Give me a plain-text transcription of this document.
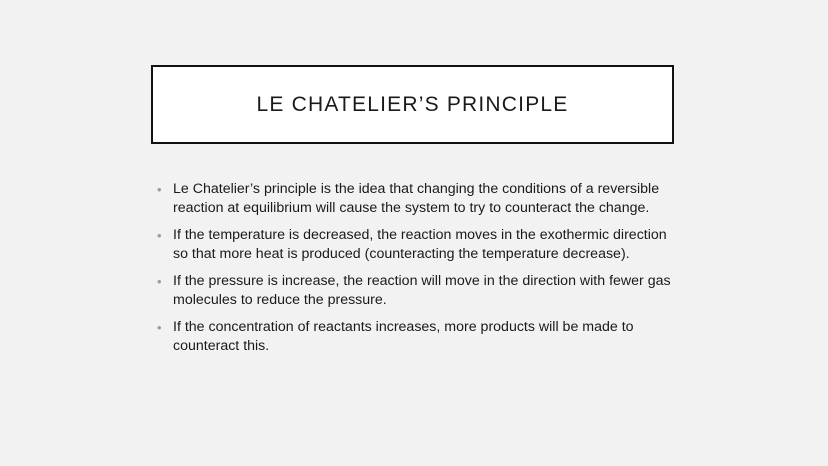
LE CHATELIER’S PRINCIPLE
• Le Chatelier’s principle is the idea that changing the conditions of a reversible reaction at equilibrium will cause the system to try to counteract the change.
• If the temperature is decreased, the reaction moves in the exothermic direction so that more heat is produced (counteracting the temperature decrease).
• If the pressure is increase, the reaction will move in the direction with fewer gas molecules to reduce the pressure.
• If the concentration of reactants increases, more products will be made to counteract this.
